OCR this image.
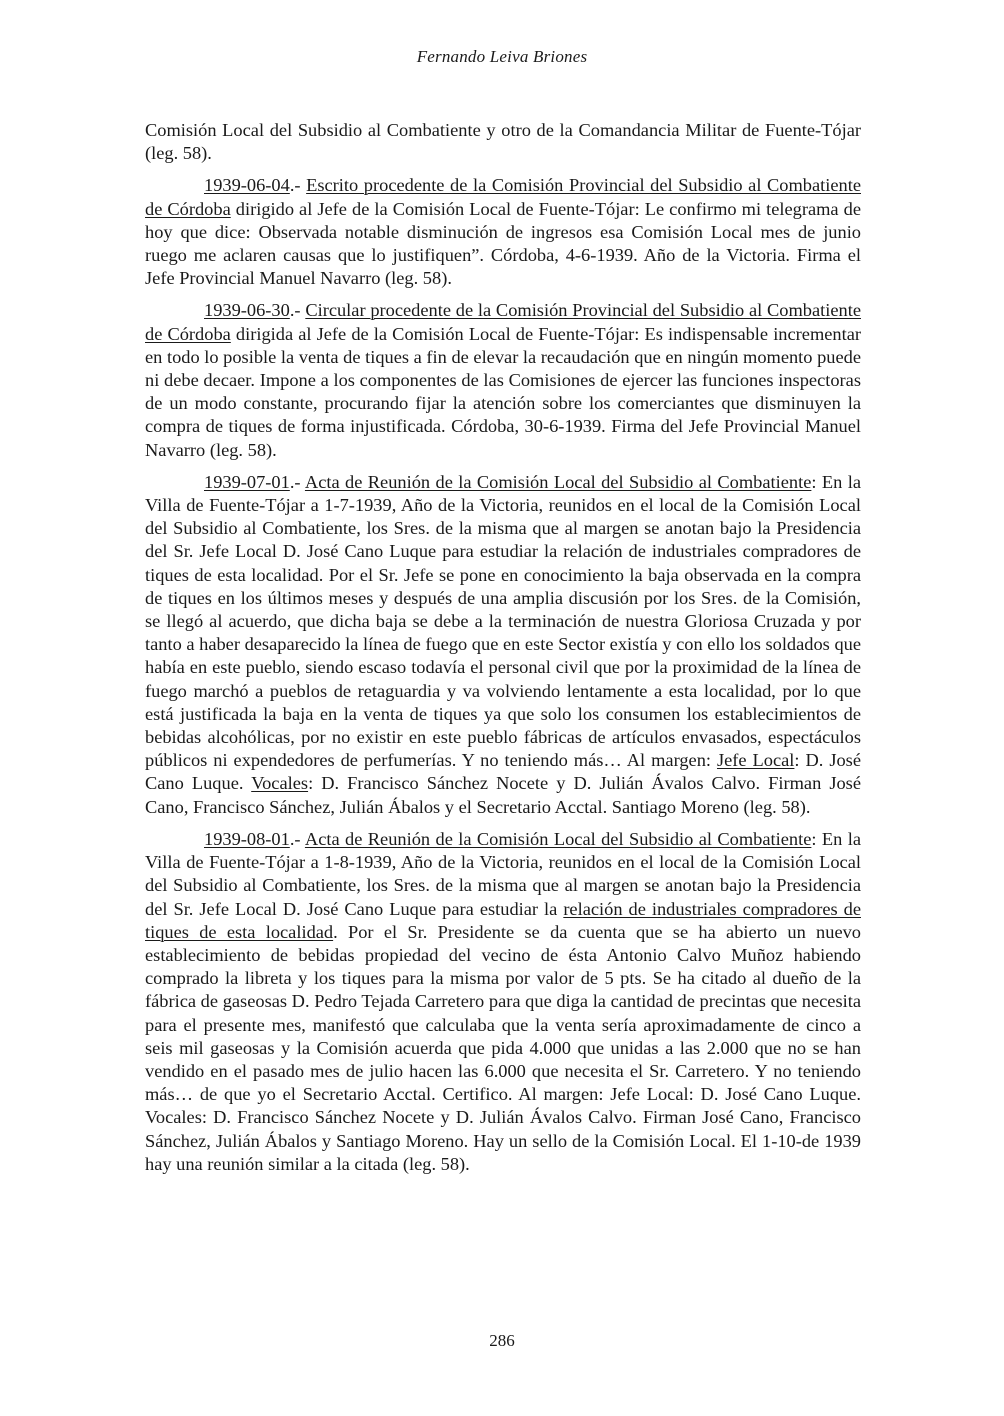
Fernando Leiva Briones

Comisión Local del Subsidio al Combatiente y otro de la Comandancia Militar de Fuente-Tójar (leg. 58).

1939-06-04.- Escrito procedente de la Comisión Provincial del Subsidio al Combatiente de Córdoba dirigido al Jefe de la Comisión Local de Fuente-Tójar: Le confirmo mi telegrama de hoy que dice: Observada notable disminución de ingresos esa Comisión Local mes de junio ruego me aclaren causas que lo justifiquen”. Córdoba, 4-6-1939. Año de la Victoria. Firma el Jefe Provincial Manuel Navarro (leg. 58).

1939-06-30.- Circular procedente de la Comisión Provincial del Subsidio al Combatiente de Córdoba dirigida al Jefe de la Comisión Local de Fuente-Tójar: Es indispensable incrementar en todo lo posible la venta de tiques a fin de elevar la recaudación que en ningún momento puede ni debe decaer. Impone a los componentes de las Comisiones de ejercer las funciones inspectoras de un modo constante, procurando fijar la atención sobre los comerciantes que disminuyen la compra de tiques de forma injustificada. Córdoba, 30-6-1939. Firma del Jefe Provincial Manuel Navarro (leg. 58).

1939-07-01.- Acta de Reunión de la Comisión Local del Subsidio al Combatiente: En la Villa de Fuente-Tójar a 1-7-1939, Año de la Victoria, reunidos en el local de la Comisión Local del Subsidio al Combatiente, los Sres. de la misma que al margen se anotan bajo la Presidencia del Sr. Jefe Local D. José Cano Luque para estudiar la relación de industriales compradores de tiques de esta localidad. Por el Sr. Jefe se pone en conocimiento la baja observada en la compra de tiques en los últimos meses y después de una amplia discusión por los Sres. de la Comisión, se llegó al acuerdo, que dicha baja se debe a la terminación de nuestra Gloriosa Cruzada y por tanto a haber desaparecido la línea de fuego que en este Sector existía y con ello los soldados que había en este pueblo, siendo escaso todavía el personal civil que por la proximidad de la línea de fuego marchó a pueblos de retaguardia y va volviendo lentamente a esta localidad, por lo que está justificada la baja en la venta de tiques ya que solo los consumen los establecimientos de bebidas alcohólicas, por no existir en este pueblo fábricas de artículos envasados, espectáculos públicos ni expendedores de perfumerías. Y no teniendo más… Al margen: Jefe Local: D. José Cano Luque. Vocales: D. Francisco Sánchez Nocete y D. Julián Ávalos Calvo. Firman José Cano, Francisco Sánchez, Julián Ábalos y el Secretario Acctal. Santiago Moreno (leg. 58).

1939-08-01.- Acta de Reunión de la Comisión Local del Subsidio al Combatiente: En la Villa de Fuente-Tójar a 1-8-1939, Año de la Victoria, reunidos en el local de la Comisión Local del Subsidio al Combatiente, los Sres. de la misma que al margen se anotan bajo la Presidencia del Sr. Jefe Local D. José Cano Luque para estudiar la relación de industriales compradores de tiques de esta localidad. Por el Sr. Presidente se da cuenta que se ha abierto un nuevo establecimiento de bebidas propiedad del vecino de ésta Antonio Calvo Muñoz habiendo comprado la libreta y los tiques para la misma por valor de 5 pts. Se ha citado al dueño de la fábrica de gaseosas D. Pedro Tejada Carretero para que diga la cantidad de precintas que necesita para el presente mes, manifestó que calculaba que la venta sería aproximadamente de cinco a seis mil gaseosas y la Comisión acuerda que pida 4.000 que unidas a las 2.000 que no se han vendido en el pasado mes de julio hacen las 6.000 que necesita el Sr. Carretero. Y no teniendo más… de que yo el Secretario Acctal. Certifico. Al margen: Jefe Local: D. José Cano Luque. Vocales: D. Francisco Sánchez Nocete y D. Julián Ávalos Calvo. Firman José Cano, Francisco Sánchez, Julián Ábalos y Santiago Moreno. Hay un sello de la Comisión Local. El 1-10-de 1939 hay una reunión similar a la citada (leg. 58).

286
